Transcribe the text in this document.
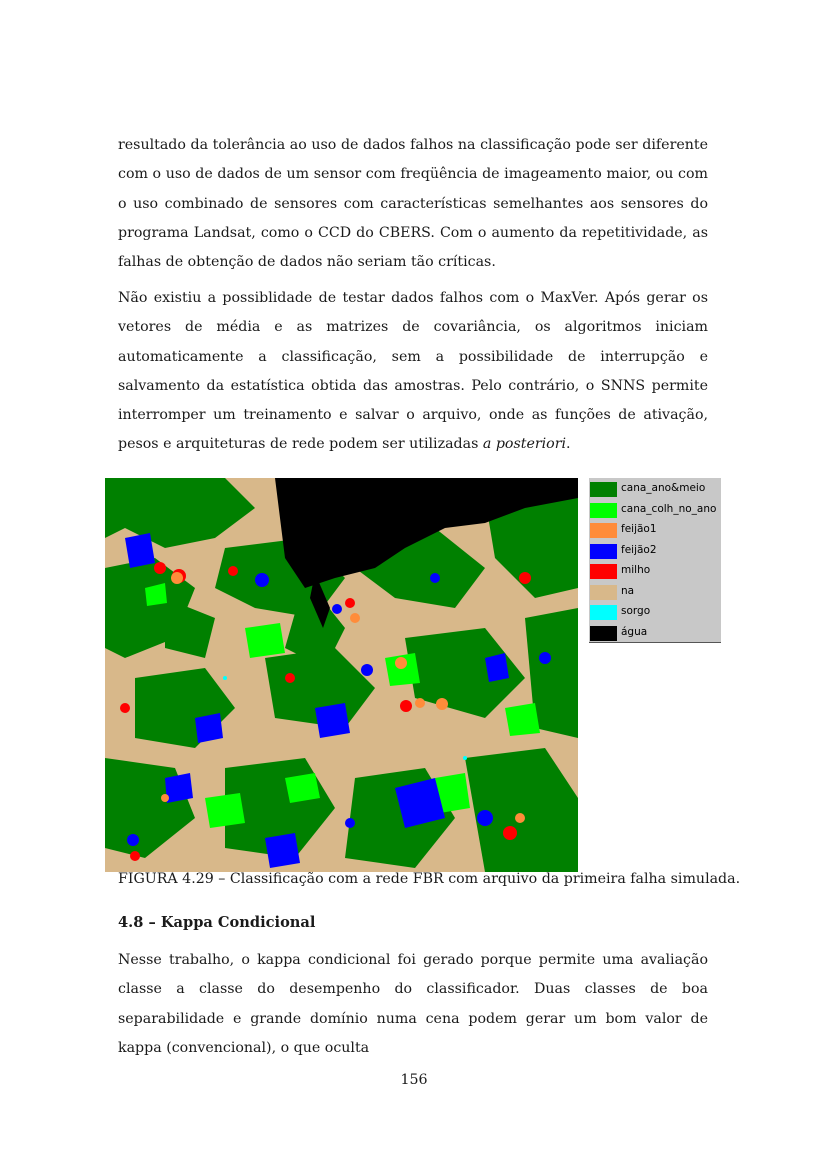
resultado da tolerância ao uso de dados falhos na classificação pode ser diferente com o uso de dados de um sensor com freqüência de imageamento maior, ou com o uso combinado de sensores com características semelhantes aos sensores do programa Landsat, como o CCD do CBERS. Com o aumento da repetitividade, as falhas de obtenção de dados não seriam tão críticas.

Não existiu a possiblidade de testar dados falhos com o MaxVer. Após gerar os vetores de média e as matrizes de covariância, os algoritmos iniciam automaticamente a classificação, sem a possibilidade de interrupção e salvamento da estatística obtida das amostras. Pelo contrário, o SNNS permite interromper um treinamento e salvar o arquivo, onde as funções de ativação, pesos e arquiteturas de rede podem ser utilizadas a posteriori.

cana_ano&meio
cana_colh_no_ano
feijão1
feijão2
milho
na
sorgo
água
FIGURA 4.29 – Classificação com a rede FBR com arquivo da primeira falha simulada.
4.8 – Kappa Condicional

Nesse trabalho, o kappa condicional foi gerado porque permite uma avaliação classe a classe do desempenho do classificador. Duas classes de boa separabilidade e grande domínio numa cena podem gerar um bom valor de kappa (convencional), o que oculta

156
